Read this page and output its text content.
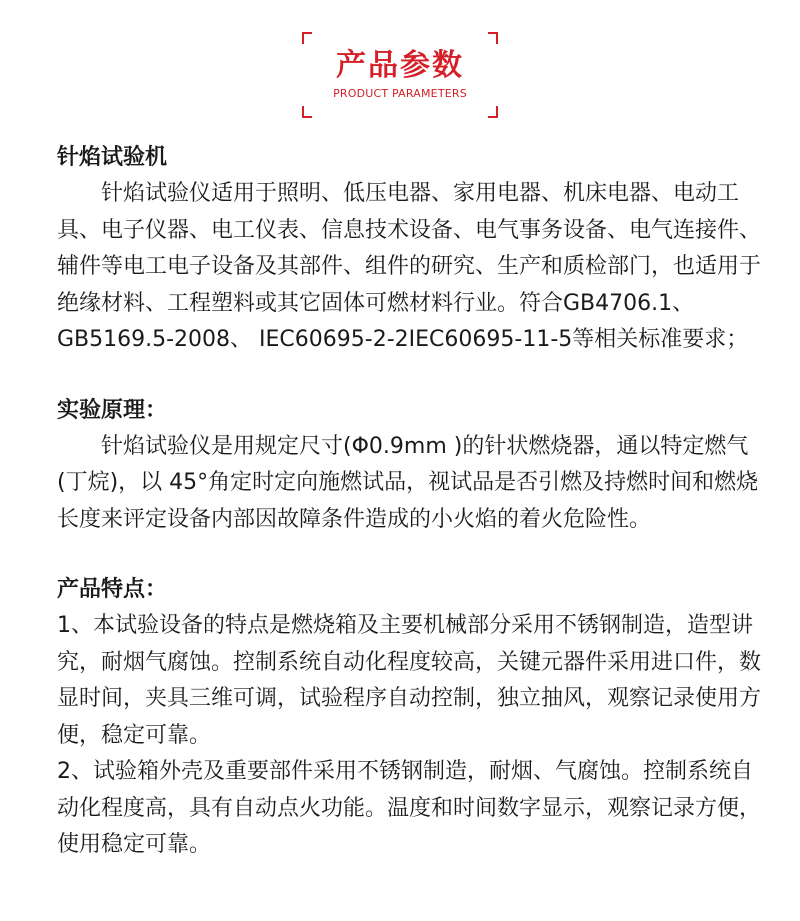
产品参数
PRODUCT PARAMETERS

针焰试验机

针焰试验仪适用于照明、低压电器、家用电器、机床电器、电动工具、电子仪器、电工仪表、信息技术设备、电气事务设备、电气连接件、辅件等电工电子设备及其部件、组件的研究、生产和质检部门，也适用于绝缘材料、工程塑料或其它固体可燃材料行业。符合GB4706.1、GB5169.5-2008、 IEC60695-2-2IEC60695-11-5等相关标准要求；

实验原理：

针焰试验仪是用规定尺寸(Φ0.9mm )的针状燃烧器，通以特定燃气(丁烷)，以 45°角定时定向施燃试品，视试品是否引燃及持燃时间和燃烧长度来评定设备内部因故障条件造成的小火焰的着火危险性。

产品特点：

1、本试验设备的特点是燃烧箱及主要机械部分采用不锈钢制造，造型讲究，耐烟气腐蚀。控制系统自动化程度较高，关键元器件采用进口件，数显时间，夹具三维可调，试验程序自动控制，独立抽风，观察记录使用方便，稳定可靠。

2、试验箱外壳及重要部件采用不锈钢制造，耐烟、气腐蚀。控制系统自动化程度高，具有自动点火功能。温度和时间数字显示，观察记录方便，使用稳定可靠。
